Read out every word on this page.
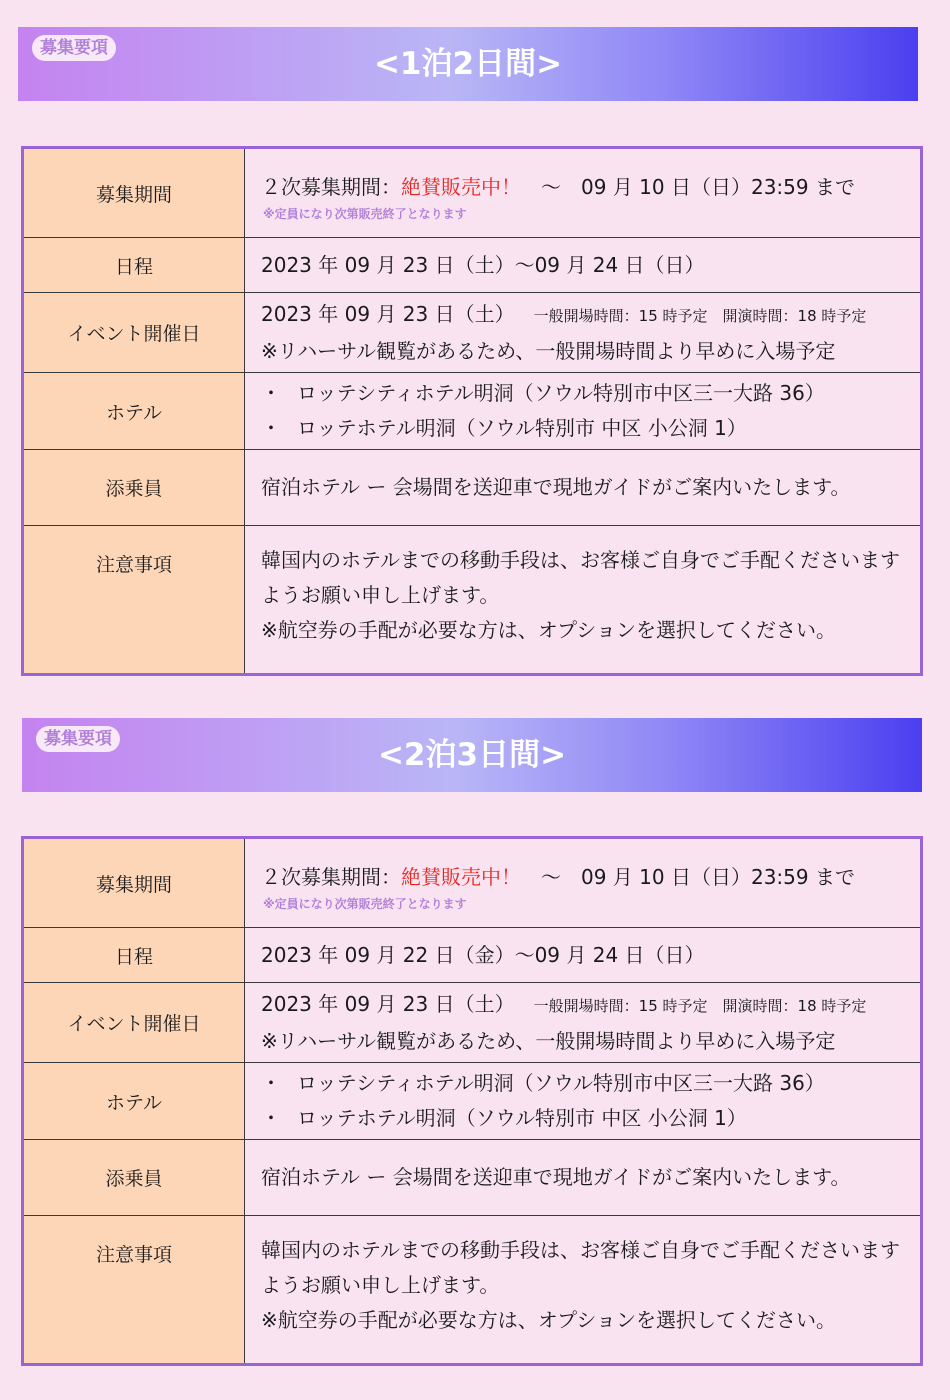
募集要項	<1泊2日間>
募集期間	２次募集期間：絶賛販売中！　～　09 月 10 日（日）23:59 まで
※定員になり次第販売終了となります

日程	2023 年 09 月 23 日（土）～09 月 24 日（日）

イベント開催日	2023 年 09 月 23 日（土） 一般開場時間：15 時予定　開演時間：18 時予定
※リハーサル観覧があるため、一般開場時間より早めに入場予定

ホテル	・ ロッテシティホテル明洞（ソウル特別市中区三一大路 36）
・ ロッテホテル明洞（ソウル特別市 中区 小公洞 1）

添乗員	宿泊ホテル ー 会場間を送迎車で現地ガイドがご案内いたします。

注意事項	韓国内のホテルまでの移動手段は、お客様ご自身でご手配くださいます
ようお願い申し上げます。
※航空券の手配が必要な方は、オプションを選択してください。
募集要項	<2泊3日間>
募集期間	２次募集期間：絶賛販売中！　～　09 月 10 日（日）23:59 まで
※定員になり次第販売終了となります

日程	2023 年 09 月 22 日（金）～09 月 24 日（日）

イベント開催日	2023 年 09 月 23 日（土） 一般開場時間：15 時予定　開演時間：18 時予定
※リハーサル観覧があるため、一般開場時間より早めに入場予定

ホテル	・ ロッテシティホテル明洞（ソウル特別市中区三一大路 36）
・ ロッテホテル明洞（ソウル特別市 中区 小公洞 1）

添乗員	宿泊ホテル ー 会場間を送迎車で現地ガイドがご案内いたします。

注意事項	韓国内のホテルまでの移動手段は、お客様ご自身でご手配くださいます
ようお願い申し上げます。
※航空券の手配が必要な方は、オプションを選択してください。
